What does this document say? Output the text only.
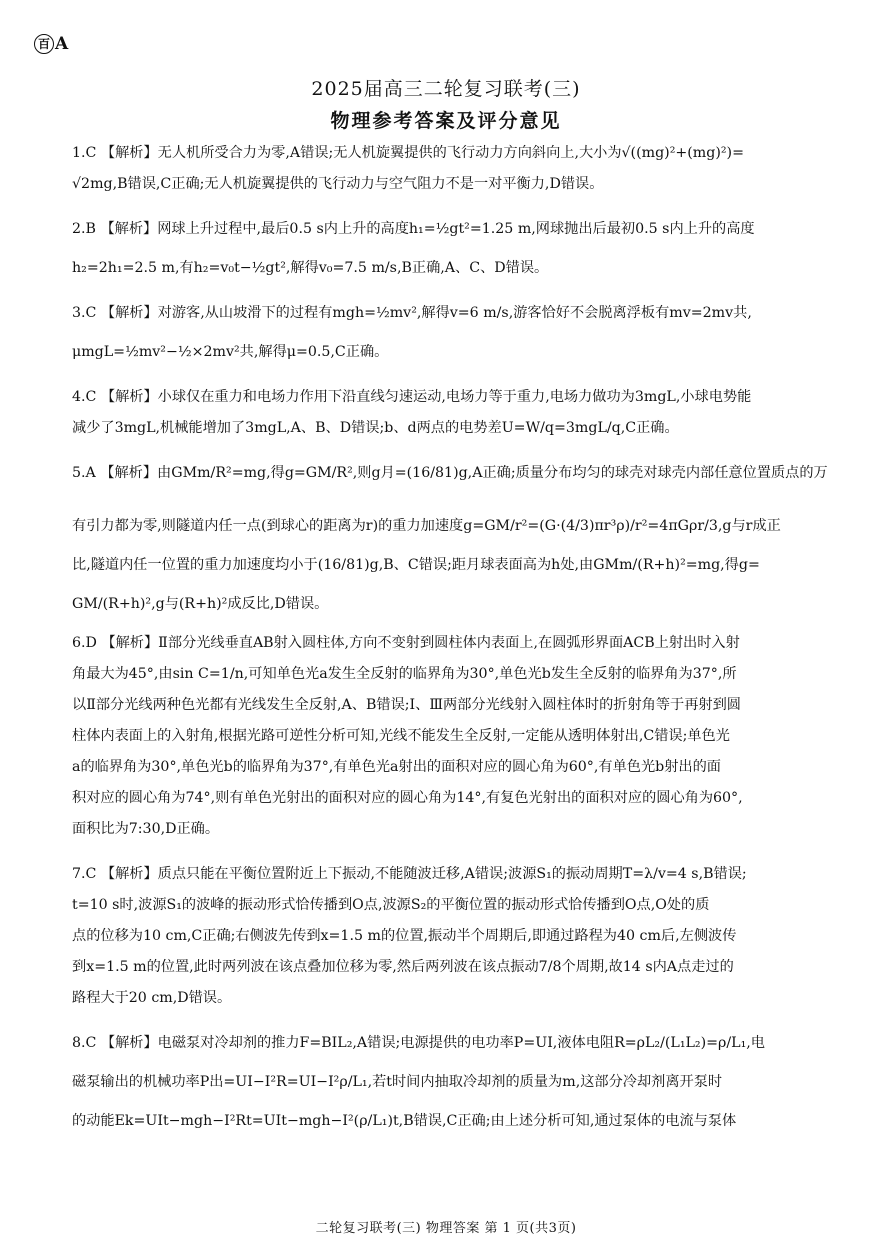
百 A
2025届高三二轮复习联考(三)
物理参考答案及评分意见
1.C 【解析】无人机所受合力为零,A错误;无人机旋翼提供的飞行动力方向斜向上,大小为√((mg)²+(mg)²)=
√2mg,B错误,C正确;无人机旋翼提供的飞行动力与空气阻力不是一对平衡力,D错误。
2.B 【解析】网球上升过程中,最后0.5 s内上升的高度h₁=½gt²=1.25 m,网球抛出后最初0.5 s内上升的高度
h₂=2h₁=2.5 m,有h₂=v₀t−½gt²,解得v₀=7.5 m/s,B正确,A、C、D错误。
3.C 【解析】对游客,从山坡滑下的过程有mgh=½mv²,解得v=6 m/s,游客恰好不会脱离浮板有mv=2mv共,
μmgL=½mv²−½×2mv²共,解得μ=0.5,C正确。
4.C 【解析】小球仅在重力和电场力作用下沿直线匀速运动,电场力等于重力,电场力做功为3mgL,小球电势能
减少了3mgL,机械能增加了3mgL,A、B、D错误;b、d两点的电势差U=W/q=3mgL/q,C正确。
5.A 【解析】由GMm/R²=mg,得g=GM/R²,则g月=(16/81)g,A正确;质量分布均匀的球壳对球壳内部任意位置质点的万
有引力都为零,则隧道内任一点(到球心的距离为r)的重力加速度g=GM/r²=(G·(4/3)πr³ρ)/r²=4πGρr/3,g与r成正
比,隧道内任一位置的重力加速度均小于(16/81)g,B、C错误;距月球表面高为h处,由GMm/(R+h)²=mg,得g=
GM/(R+h)²,g与(R+h)²成反比,D错误。
6.D 【解析】Ⅱ部分光线垂直AB射入圆柱体,方向不变射到圆柱体内表面上,在圆弧形界面ACB上射出时入射
角最大为45°,由sin C=1/n,可知单色光a发生全反射的临界角为30°,单色光b发生全反射的临界角为37°,所
以Ⅱ部分光线两种色光都有光线发生全反射,A、B错误;Ⅰ、Ⅲ两部分光线射入圆柱体时的折射角等于再射到圆
柱体内表面上的入射角,根据光路可逆性分析可知,光线不能发生全反射,一定能从透明体射出,C错误;单色光
a的临界角为30°,单色光b的临界角为37°,有单色光a射出的面积对应的圆心角为60°,有单色光b射出的面
积对应的圆心角为74°,则有单色光射出的面积对应的圆心角为14°,有复色光射出的面积对应的圆心角为60°,
面积比为7:30,D正确。
7.C 【解析】质点只能在平衡位置附近上下振动,不能随波迁移,A错误;波源S₁的振动周期T=λ/v=4 s,B错误;
t=10 s时,波源S₁的波峰的振动形式恰传播到O点,波源S₂的平衡位置的振动形式恰传播到O点,O处的质
点的位移为10 cm,C正确;右侧波先传到x=1.5 m的位置,振动半个周期后,即通过路程为40 cm后,左侧波传
到x=1.5 m的位置,此时两列波在该点叠加位移为零,然后两列波在该点振动7/8个周期,故14 s内A点走过的
路程大于20 cm,D错误。
8.C 【解析】电磁泵对冷却剂的推力F=BIL₂,A错误;电源提供的电功率P=UI,液体电阻R=ρL₂/(L₁L₂)=ρ/L₁,电
磁泵输出的机械功率P出=UI−I²R=UI−I²ρ/L₁,若t时间内抽取冷却剂的质量为m,这部分冷却剂离开泵时
的动能Ek=UIt−mgh−I²Rt=UIt−mgh−I²(ρ/L₁)t,B错误,C正确;由上述分析可知,通过泵体的电流与泵体
二轮复习联考(三) 物理答案 第 1 页(共3页)
